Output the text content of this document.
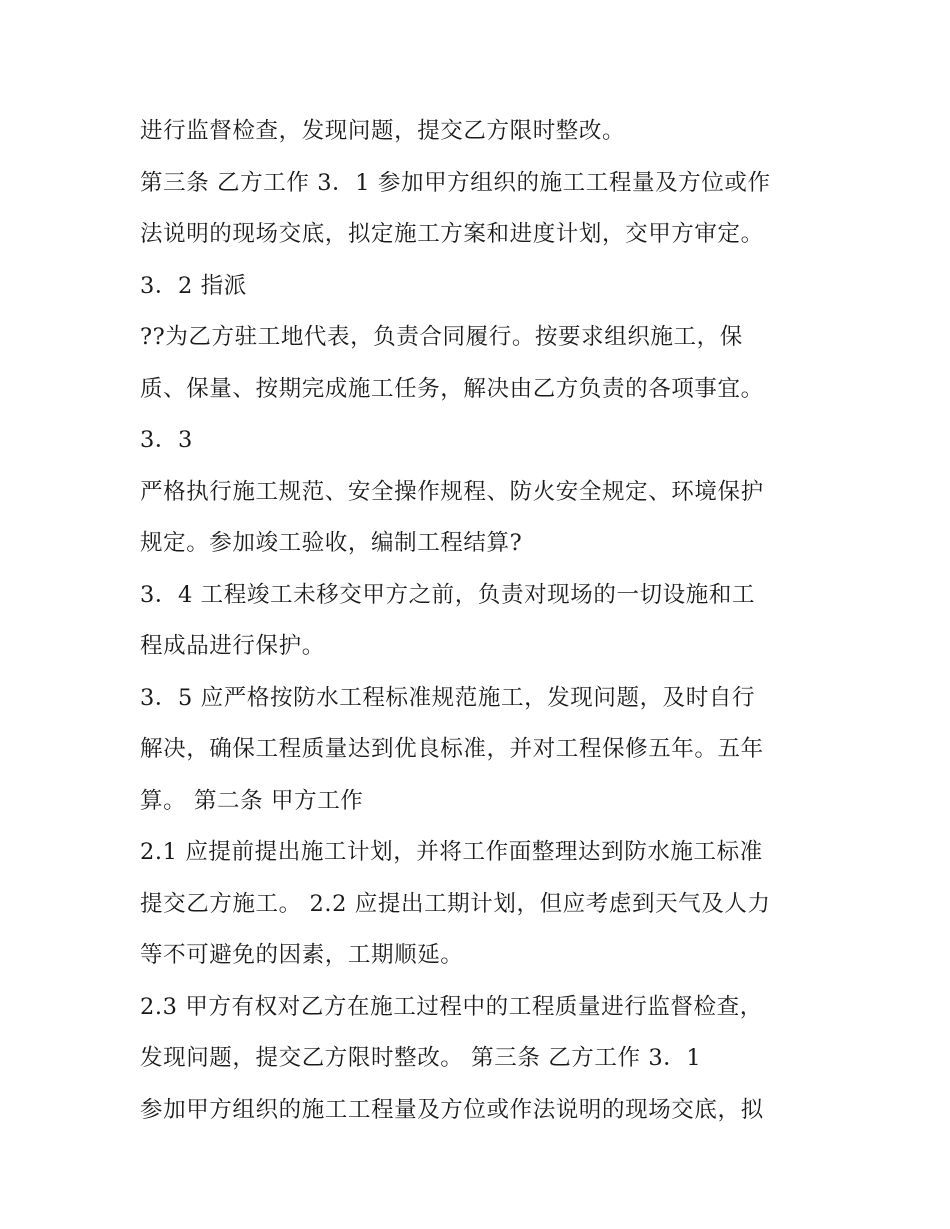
进行监督检查，发现问题，提交乙方限时整改。
第三条 乙方工作 3．1 参加甲方组织的施工工程量及方位或作
法说明的现场交底，拟定施工方案和进度计划，交甲方审定。
3．2 指派
??为乙方驻工地代表，负责合同履行。按要求组织施工，保
质、保量、按期完成施工任务，解决由乙方负责的各项事宜。
3．3
严格执行施工规范、安全操作规程、防火安全规定、环境保护
规定。参加竣工验收，编制工程结算?
3．4 工程竣工未移交甲方之前，负责对现场的一切设施和工
程成品进行保护。
3．5 应严格按防水工程标准规范施工，发现问题，及时自行
解决，确保工程质量达到优良标准，并对工程保修五年。五年
算。 第二条 甲方工作
2.1 应提前提出施工计划，并将工作面整理达到防水施工标准
提交乙方施工。 2.2 应提出工期计划，但应考虑到天气及人力
等不可避免的因素，工期顺延。
2.3 甲方有权对乙方在施工过程中的工程质量进行监督检查，
发现问题，提交乙方限时整改。 第三条 乙方工作 3．1
参加甲方组织的施工工程量及方位或作法说明的现场交底，拟
